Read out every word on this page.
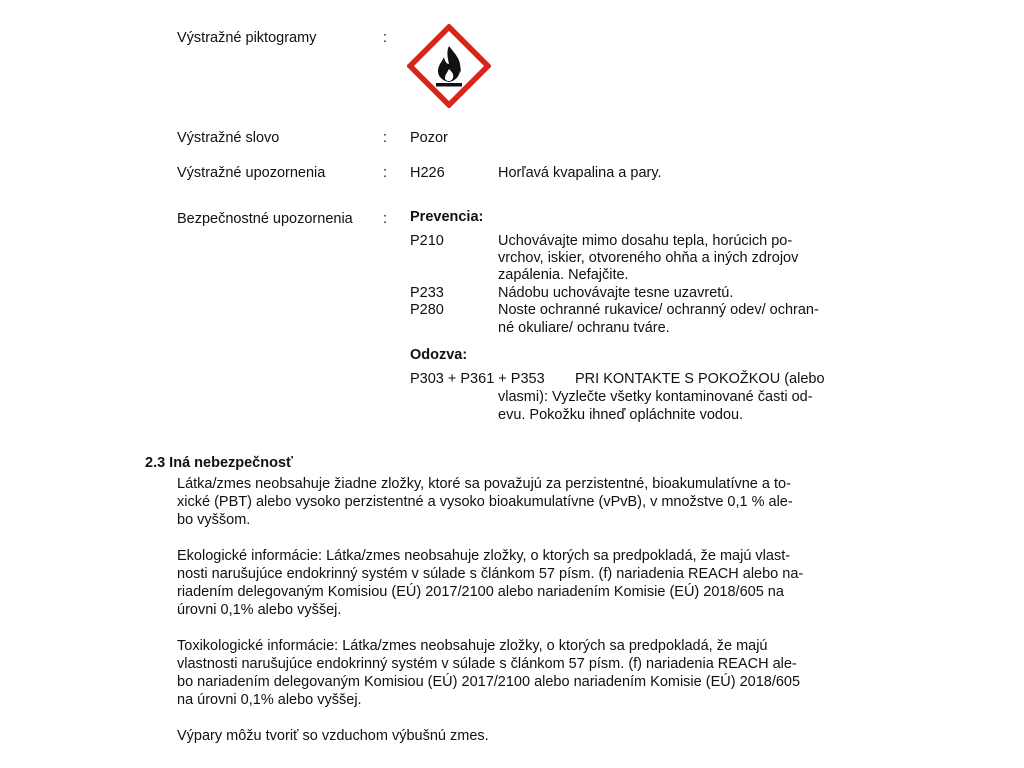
Výstražné piktogramy	:
Výstražné slovo	: Pozor
Výstražné upozornenia	: H226	Horľavá kvapalina a pary.
Bezpečnostné upozornenia : Prevencia:
P210	Uchovávajte mimo dosahu tepla, horúcich po-
vrchov, iskier, otvoreného ohňa a iných zdrojov
zapálenia. Nefajčite.
P233	Nádobu uchovávajte tesne uzavretú.
P280	Noste ochranné rukavice/ ochranný odev/ ochran-
né okuliare/ ochranu tváre.
Odozva:
P303 + P361 + P353 PRI KONTAKTE S POKOŽKOU (alebo
vlasmi): Vyzlečte všetky kontaminované časti od-
evu. Pokožku ihneď opláchnite vodou.
2.3 Iná nebezpečnosť
Látka/zmes neobsahuje žiadne zložky, ktoré sa považujú za perzistentné, bioakumulatívne a to-
xické (PBT) alebo vysoko perzistentné a vysoko bioakumulatívne (vPvB), v množstve 0,1 % ale-
bo vyššom.
Ekologické informácie: Látka/zmes neobsahuje zložky, o ktorých sa predpokladá, že majú vlast-
nosti narušujúce endokrinný systém v súlade s článkom 57 písm. (f) nariadenia REACH alebo na-
riadením delegovaným Komisiou (EÚ) 2017/2100 alebo nariadením Komisie (EÚ) 2018/605 na
úrovni 0,1% alebo vyššej.
Toxikologické informácie: Látka/zmes neobsahuje zložky, o ktorých sa predpokladá, že majú
vlastnosti narušujúce endokrinný systém v súlade s článkom 57 písm. (f) nariadenia REACH ale-
bo nariadením delegovaným Komisiou (EÚ) 2017/2100 alebo nariadením Komisie (EÚ) 2018/605
na úrovni 0,1% alebo vyššej.
Výpary môžu tvoriť so vzduchom výbušnú zmes.
